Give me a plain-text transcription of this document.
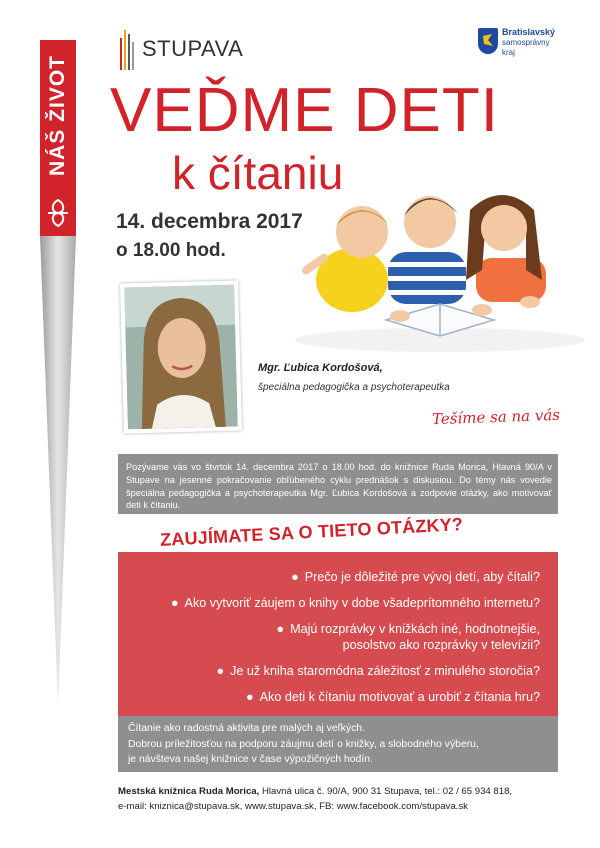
NÁŠ ŽIVOT
STUPAVA
Bratislavský
samosprávny
kraj
VEĎME DETI
k čítaniu
14. decembra 2017
o 18.00 hod.
Mgr. Ľubica Kordošová,
špeciálna pedagogička a psychoterapeutka
Tešíme sa na vás
Pozývame vás vo štvrtok 14. decembra 2017 o 18.00 hod. do knižnice Ruda Morica, Hlavná 90/A v Stupave na jesenné pokračovanie obľúbeného cyklu prednášok s diskusiou. Do témy nás vovedie špeciálna pedagogička a psychoterapeutka Mgr. Ľubica Kordošová a zodpovie otázky, ako motivovať deti k čítaniu.
ZAUJÍMATE SA O TIETO OTÁZKY?
● Prečo je dôležité pre vývoj detí, aby čítali?
● Ako vytvoriť záujem o knihy v dobe všadeprítomného internetu?
● Majú rozprávky v knižkách iné, hodnotnejšie,
posolstvo ako rozprávky v televízii?
● Je už kniha staromódna záležitosť z minulého storočia?
● Ako deti k čítaniu motivovať a urobiť z čítania hru?
Čítanie ako radostná aktivita pre malých aj veľkých.
Dobrou príležitosťou na podporu záujmu detí o knižky, a slobodného výberu,
je návšteva našej knižnice v čase výpožičných hodín.
Mestská knižnica Ruda Morica, Hlavná ulica č. 90/A, 900 31 Stupava, tel.: 02 / 65 934 818,
e-mail: kniznica@stupava.sk, www.stupava.sk, FB: www.facebook.com/stupava.sk
